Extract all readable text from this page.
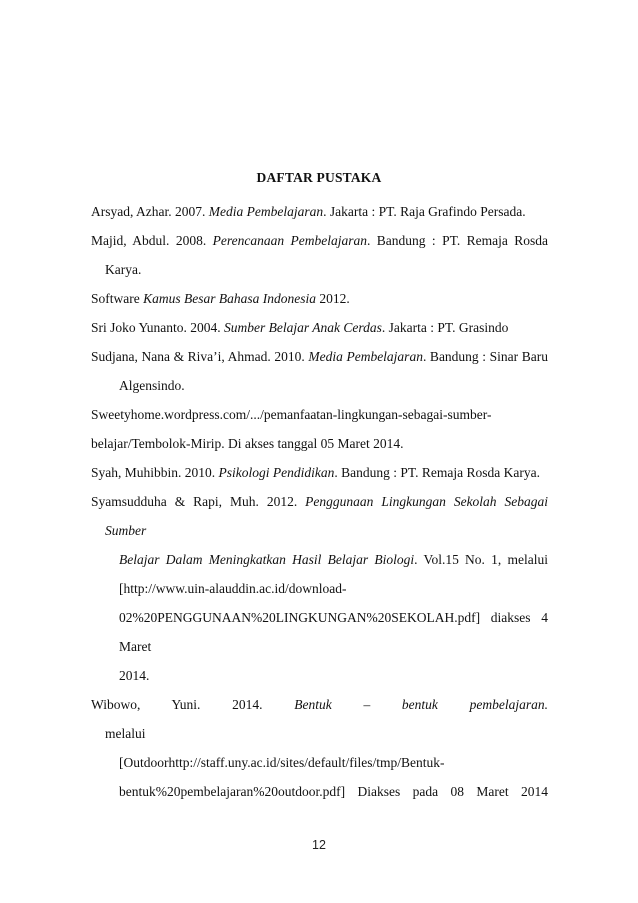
DAFTAR PUSTAKA
Arsyad, Azhar. 2007. Media Pembelajaran. Jakarta : PT. Raja Grafindo Persada.
Majid, Abdul. 2008. Perencanaan Pembelajaran. Bandung : PT. Remaja Rosda Karya.
Software Kamus Besar Bahasa Indonesia 2012.
Sri Joko Yunanto. 2004. Sumber Belajar Anak Cerdas. Jakarta : PT. Grasindo
Sudjana, Nana & Riva’i, Ahmad. 2010. Media Pembelajaran. Bandung : Sinar Baru
Algensindo.
Sweetyhome.wordpress.com/.../pemanfaatan-lingkungan-sebagai-sumber-
belajar/Tembolok-Mirip. Di akses tanggal 05 Maret 2014.
Syah, Muhibbin. 2010. Psikologi Pendidikan. Bandung : PT. Remaja Rosda Karya.
Syamsudduha & Rapi, Muh. 2012. Penggunaan Lingkungan Sekolah Sebagai Sumber
Belajar Dalam Meningkatkan Hasil Belajar Biologi. Vol.15 No. 1, melalui
[http://www.uin-alauddin.ac.id/download-
02%20PENGGUNAAN%20LINGKUNGAN%20SEKOLAH.pdf] diakses 4 Maret
2014.
Wibowo, Yuni. 2014. Bentuk – bentuk pembelajaran. melalui
[Outdoorhttp://staff.uny.ac.id/sites/default/files/tmp/Bentuk-
bentuk%20pembelajaran%20outdoor.pdf] Diakses pada 08 Maret 2014
12
